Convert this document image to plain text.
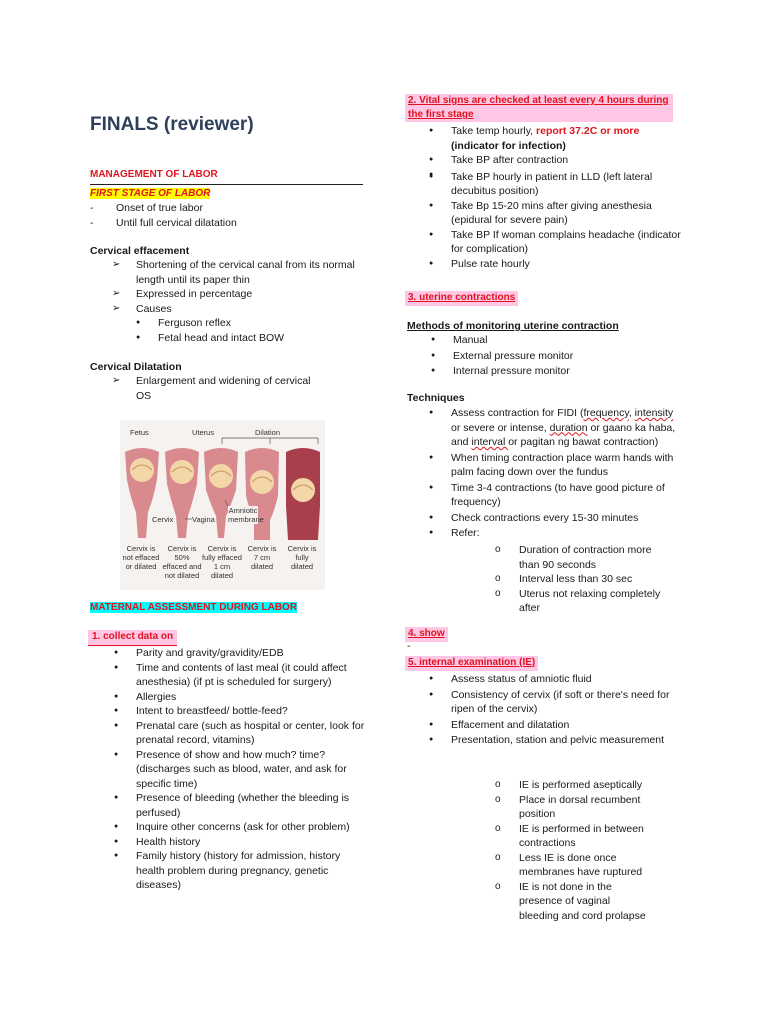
FINALS (reviewer)
MANAGEMENT OF LABOR
FIRST STAGE OF LABOR
- Onset of true labor
- Until full cervical dilatation
Cervical effacement
➢ Shortening of the cervical canal from its normal length until its paper thin
➢ Expressed in percentage
➢ Causes
● Ferguson reflex
● Fetal head and intact BOW
Cervical Dilatation
➢ Enlargement and widening of cervical OS
Fetus	Uterus	Dilation
Cervix Vagina
Amniotic membrane
Cervix is not effaced or dilated
Cervix is 50% effaced and not dilated
Cervix is fully effaced 1 cm dilated
Cervix is 7 cm dilated
Cervix is fully dilated
MATERNAL ASSESSMENT DURING LABOR
1. collect data on
● Parity and gravity/gravidity/EDB
● Time and contents of last meal (it could affect anesthesia) (if pt is scheduled for surgery)
● Allergies
● Intent to breastfeed/ bottle-feed?
● Prenatal care (such as hospital or center, look for prenatal record, vitamins)
● Presence of show and how much? time? (discharges such as blood, water, and ask for specific time)
● Presence of bleeding (whether the bleeding is perfused)
● Inquire other concerns (ask for other problem)
● Health history
● Family history (history for admission, history health problem during pregnancy, genetic diseases)
2. Vital signs are checked at least every 4 hours during the first stage
● Take temp hourly, report 37.2C or more
(indicator for infection)
● Take BP after contraction
●
● Take BP hourly in patient in LLD (left lateral decubitus position)
● Take Bp 15-20 mins after giving anesthesia (epidural for severe pain)
● Take BP If woman complains headache (indicator for complication)
● Pulse rate hourly
3. uterine contractions
Methods of monitoring uterine contraction
● Manual
● External pressure monitor
● Internal pressure monitor
Techniques
● Assess contraction for FIDI (frequency, intensity or severe or intense, duration or gaano ka haba, and interval or pagitan ng bawat contraction)
● When timing contraction place warm hands with palm facing down over the fundus
● Time 3-4 contractions (to have good picture of frequency)
● Check contractions every 15-30 minutes
● Refer:
o Duration of contraction more than 90 seconds
o Interval less than 30 sec
o Uterus not relaxing completely after
4. show
-
5. internal examination (IE)
● Assess status of amniotic fluid
● Consistency of cervix (if soft or there's need for ripen of the cervix)
● Effacement and dilatation
● Presentation, station and pelvic measurement
o IE is performed aseptically
o Place in dorsal recumbent position
o IE is performed in between contractions
o Less IE is done once membranes have ruptured
o IE is not done in the presence of vaginal bleeding and cord prolapse
